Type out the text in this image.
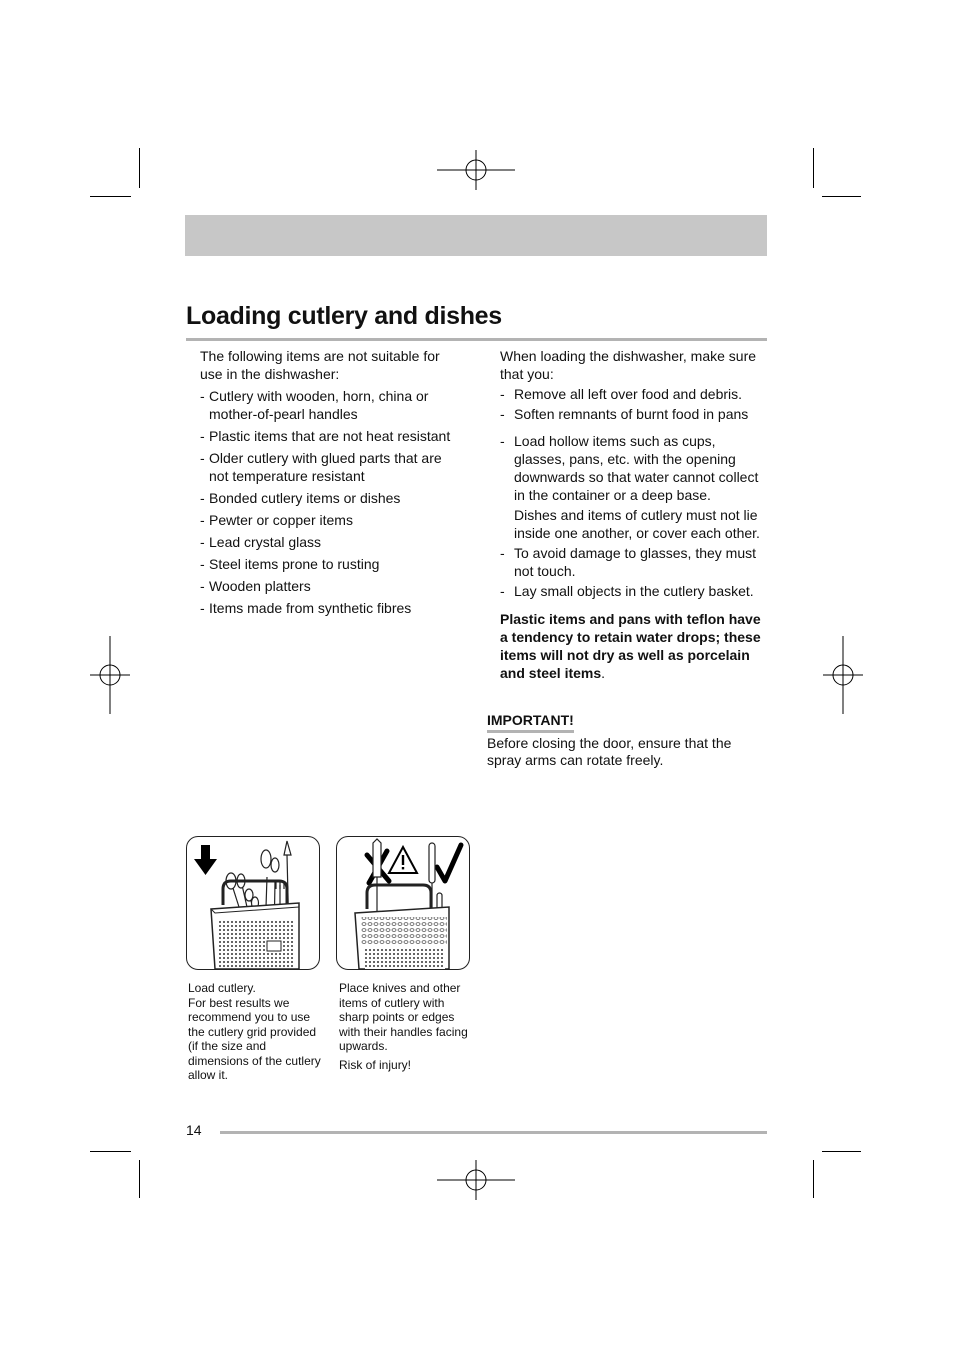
Loading cutlery and dishes
The following items are not suitable for use in the dishwasher:
- Cutlery with wooden, horn, china or mother-of-pearl handles
- Plastic items that are not heat resistant
- Older cutlery with glued parts that are not temperature resistant
- Bonded cutlery items or dishes
- Pewter or copper items
- Lead crystal glass
- Steel items prone to rusting
- Wooden platters
- Items made from synthetic fibres
When loading the dishwasher, make sure that you:
- Remove all left over food and debris.
- Soften remnants of burnt food in pans
- Load hollow items such as cups, glasses, pans, etc. with the opening downwards so that water cannot collect in the container or a deep base.
Dishes and items of cutlery must not lie inside one another, or cover each other.
- To avoid damage to glasses, they must not touch.
- Lay small objects in the cutlery basket.
Plastic items and pans with teflon have a tendency to retain water drops; these items will not dry as well as porcelain and steel items.
IMPORTANT!
Before closing the door, ensure that the spray arms can rotate freely.
Load cutlery.
For best results we recommend you to use the cutlery grid provided (if the size and dimensions of the cutlery allow it.
Place knives and other items of cutlery with sharp points or edges with their handles facing upwards.
Risk of injury!
14
